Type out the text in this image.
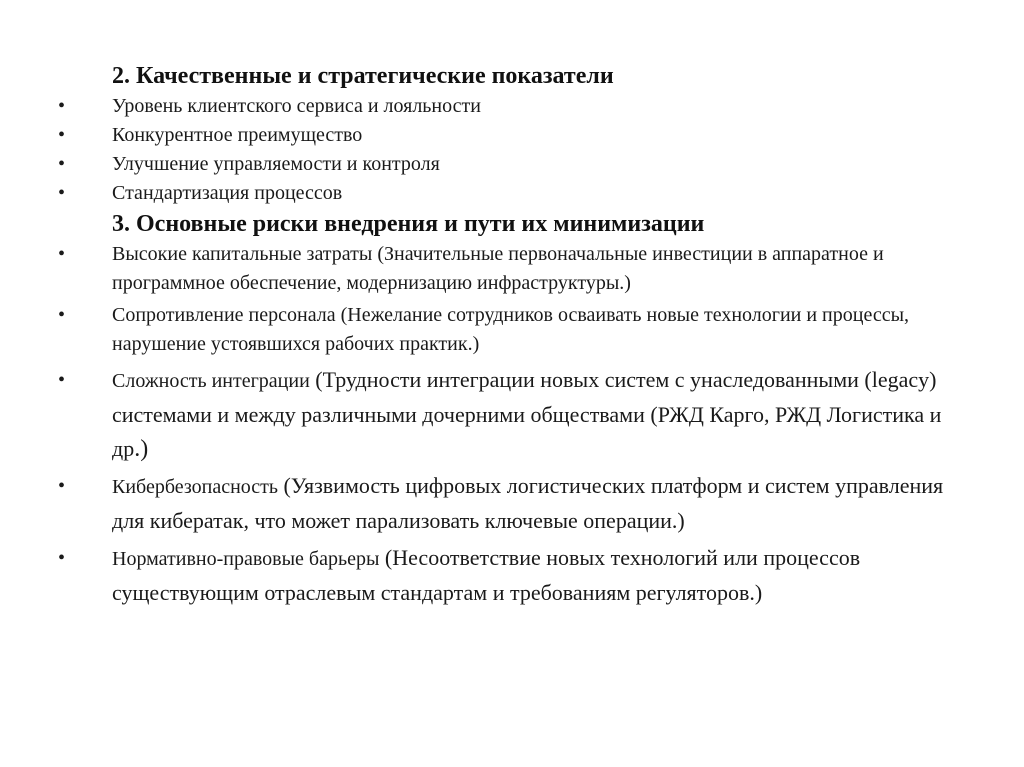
2. Качественные и стратегические показатели

• Уровень клиентского сервиса и лояльности

• Конкурентное преимущество

• Улучшение управляемости и контроля

• Стандартизация процессов

3. Основные риски внедрения и пути их минимизации

• Высокие капитальные затраты (Значительные первоначальные инвестиции в аппаратное и программное обеспечение, модернизацию инфраструктуры.)

• Сопротивление персонала (Нежелание сотрудников осваивать новые технологии и процессы, нарушение устоявшихся рабочих практик.)

• Сложность интеграции (Трудности интеграции новых систем с унаследованными (legacy) системами и между различными дочерними обществами (РЖД Карго, РЖД Логистика и др.)

• Кибербезопасность (Уязвимость цифровых логистических платформ и систем управления для кибератак, что может парализовать ключевые операции.)

• Нормативно-правовые барьеры (Несоответствие новых технологий или процессов существующим отраслевым стандартам и требованиям регуляторов.)
